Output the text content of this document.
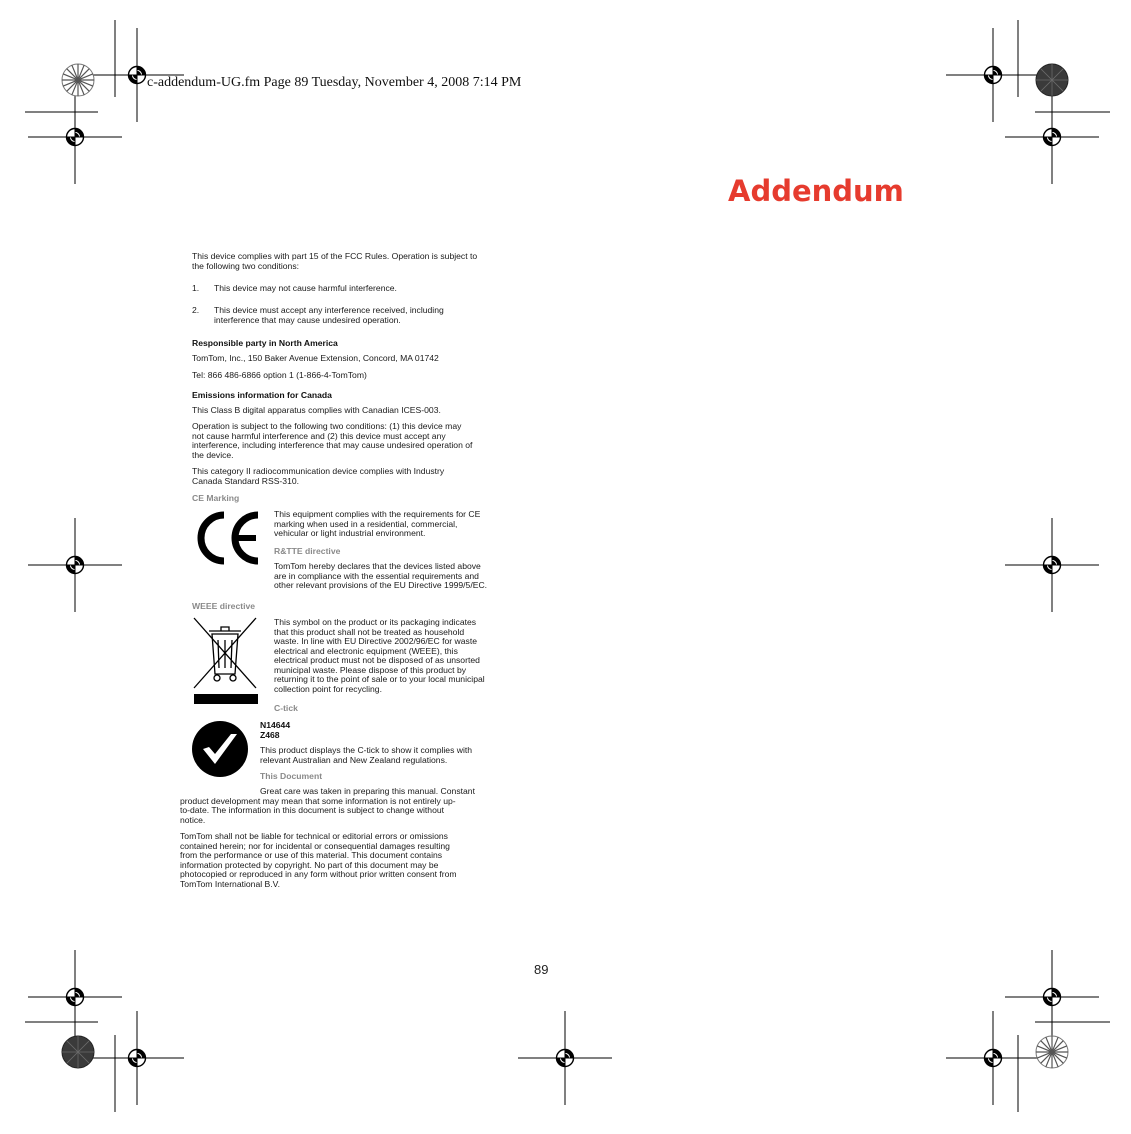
c-addendum-UG.fm Page 89 Tuesday, November 4, 2008 7:14 PM
Addendum
This device complies with part 15 of the FCC Rules. Operation is subject to
the following two conditions:
1. This device may not cause harmful interference.
2. This device must accept any interference received, including
interference that may cause undesired operation.
Responsible party in North America
TomTom, Inc., 150 Baker Avenue Extension, Concord, MA 01742
Tel: 866 486-6866 option 1 (1-866-4-TomTom)
Emissions information for Canada
This Class B digital apparatus complies with Canadian ICES-003.
Operation is subject to the following two conditions: (1) this device may
not cause harmful interference and (2) this device must accept any
interference, including interference that may cause undesired operation of
the device.
This category II radiocommunication device complies with Industry
Canada Standard RSS-310.
CE Marking
This equipment complies with the requirements for CE
marking when used in a residential, commercial,
vehicular or light industrial environment.
R&TTE directive
TomTom hereby declares that the devices listed above
are in compliance with the essential requirements and
other relevant provisions of the EU Directive 1999/5/EC.
WEEE directive
This symbol on the product or its packaging indicates
that this product shall not be treated as household
waste. In line with EU Directive 2002/96/EC for waste
electrical and electronic equipment (WEEE), this
electrical product must not be disposed of as unsorted
municipal waste. Please dispose of this product by
returning it to the point of sale or to your local municipal
collection point for recycling.
C-tick
N14644
Z468
This product displays the C-tick to show it complies with
relevant Australian and New Zealand regulations.
This Document
Great care was taken in preparing this manual. Constant
product development may mean that some information is not entirely up-
to-date. The information in this document is subject to change without
notice.
TomTom shall not be liable for technical or editorial errors or omissions
contained herein; nor for incidental or consequential damages resulting
from the performance or use of this material. This document contains
information protected by copyright. No part of this document may be
photocopied or reproduced in any form without prior written consent from
TomTom International B.V.
89
